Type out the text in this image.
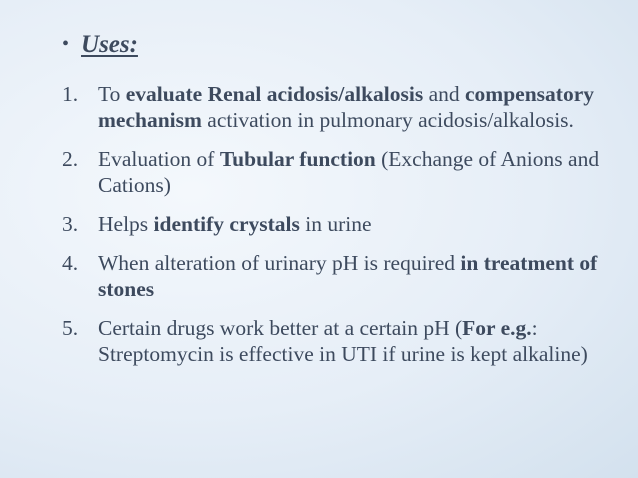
• Uses:
1. To evaluate Renal acidosis/alkalosis and compensatory mechanism activation in pulmonary acidosis/alkalosis.
2. Evaluation of Tubular function (Exchange of Anions and Cations)
3. Helps identify crystals in urine
4. When alteration of urinary pH is required in treatment of stones
5. Certain drugs work better at a certain pH (For e.g.: Streptomycin is effective in UTI if urine is kept alkaline)
